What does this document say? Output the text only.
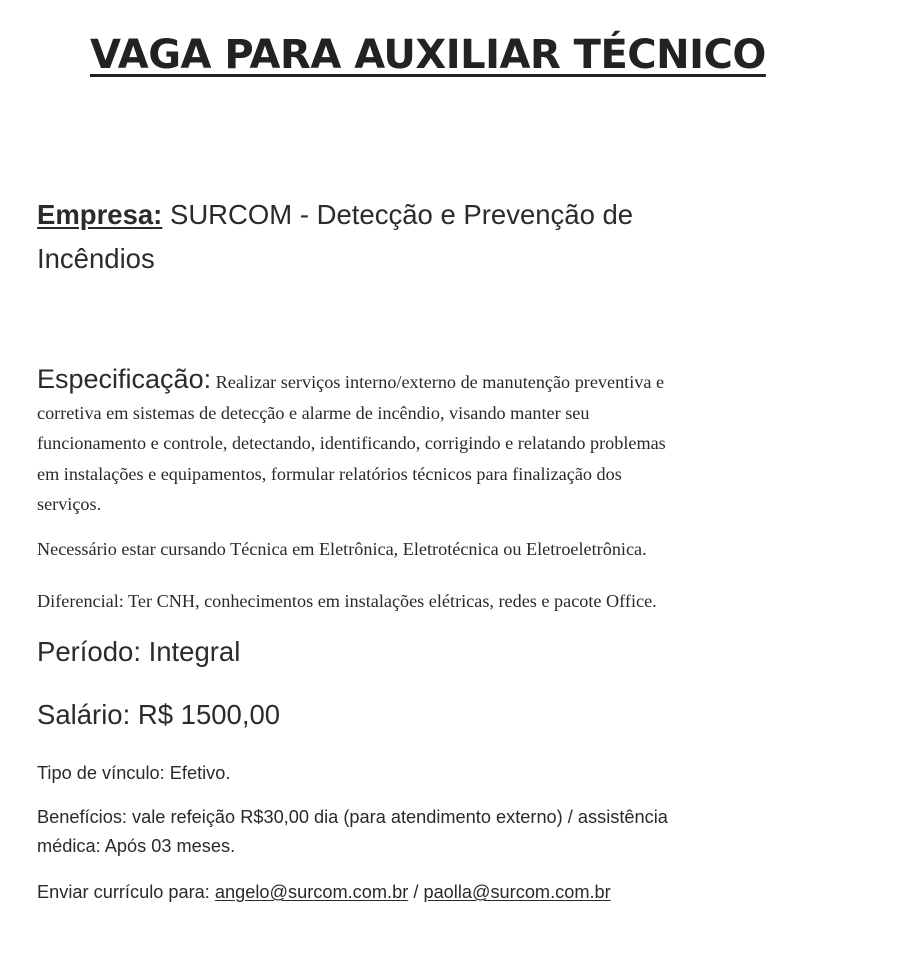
VAGA PARA AUXILIAR TÉCNICO
Empresa: SURCOM - Detecção e Prevenção de
Incêndios
Especificação: Realizar serviços interno/externo de manutenção preventiva e
corretiva em sistemas de detecção e alarme de incêndio, visando manter seu
funcionamento e controle, detectando, identificando, corrigindo e relatando problemas
em instalações e equipamentos, formular relatórios técnicos para finalização dos
serviços.
Necessário estar cursando Técnica em Eletrônica, Eletrotécnica ou Eletroeletrônica.
Diferencial: Ter CNH, conhecimentos em instalações elétricas, redes e pacote Office.
Período: Integral
Salário: R$ 1500,00
Tipo de vínculo: Efetivo.
Benefícios: vale refeição R$30,00 dia (para atendimento externo) / assistência
médica: Após 03 meses.
Enviar currículo para: angelo@surcom.com.br / paolla@surcom.com.br
